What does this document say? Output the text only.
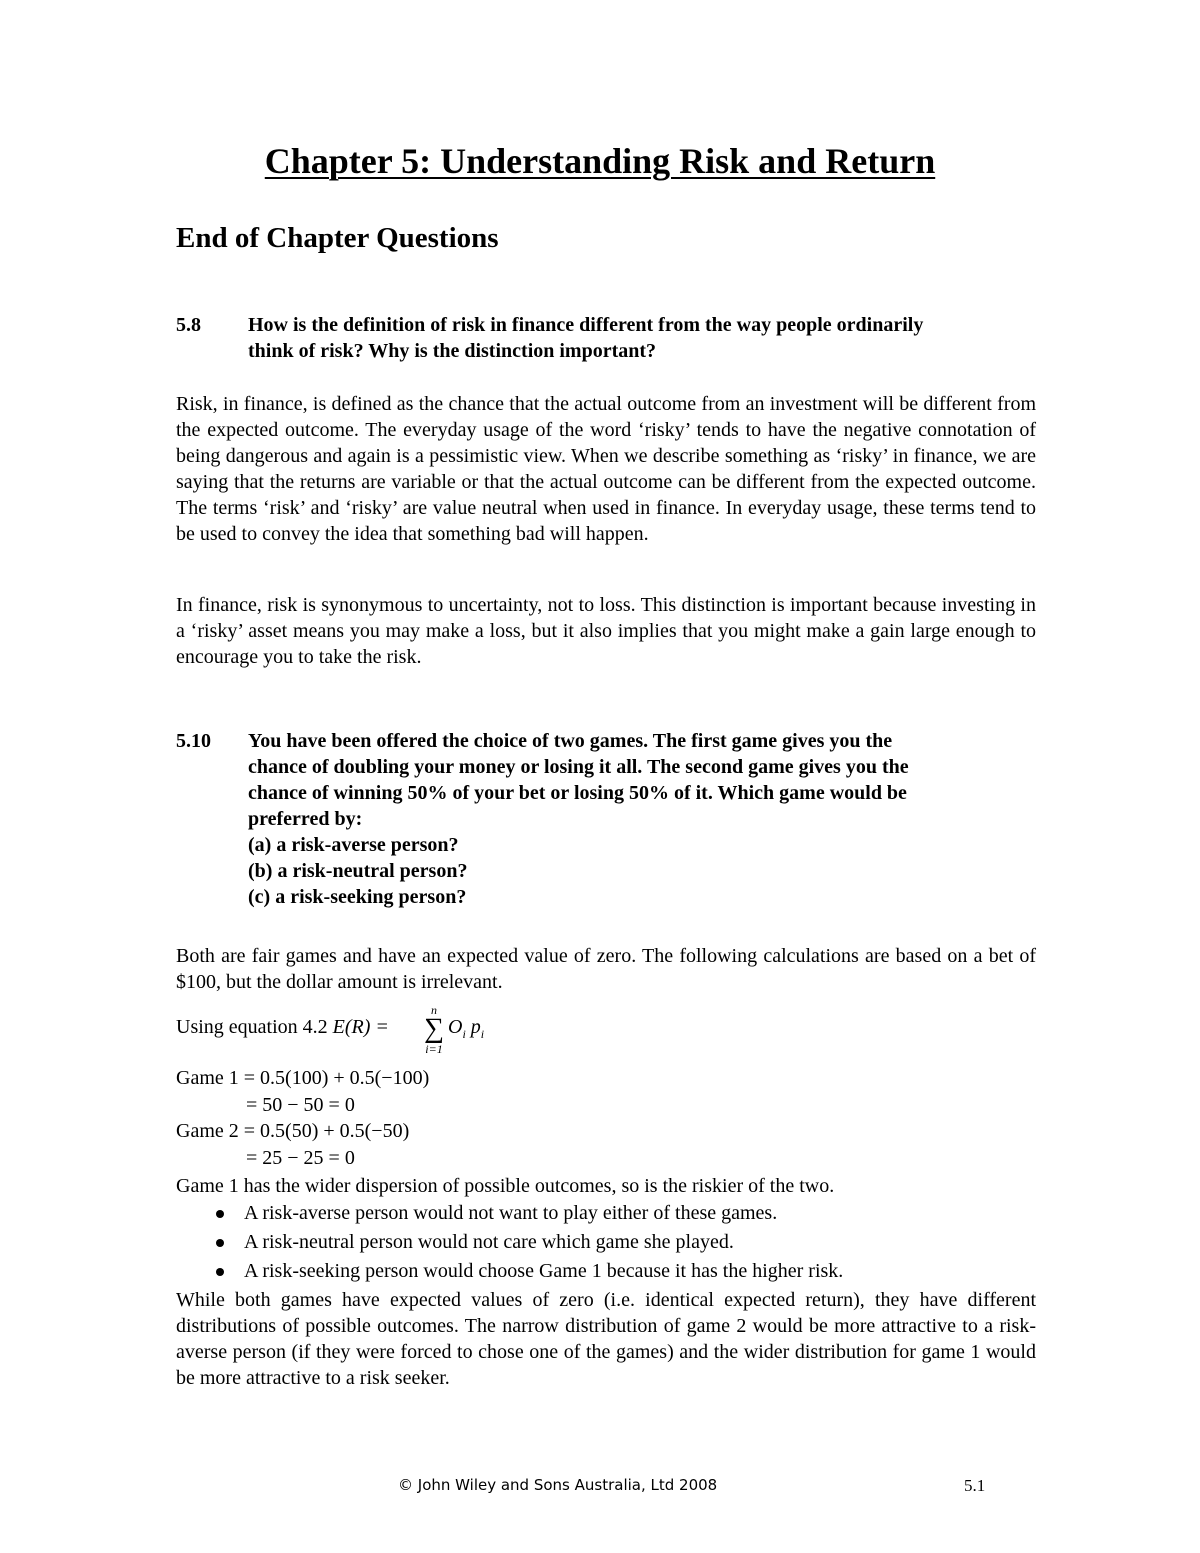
Chapter 5: Understanding Risk and Return
End of Chapter Questions
5.8 How is the definition of risk in finance different from the way people ordinarily
think of risk? Why is the distinction important?

Risk, in finance, is defined as the chance that the actual outcome from an investment will be different from the expected outcome. The everyday usage of the word ‘risky’ tends to have the negative connotation of being dangerous and again is a pessimistic view. When we describe something as ‘risky’ in finance, we are saying that the returns are variable or that the actual outcome can be different from the expected outcome. The terms ‘risk’ and ‘risky’ are value neutral when used in finance. In everyday usage, these terms tend to be used to convey the idea that something bad will happen.

In finance, risk is synonymous to uncertainty, not to loss. This distinction is important because investing in a ‘risky’ asset means you may make a loss, but it also implies that you might make a gain large enough to encourage you to take the risk.

5.10 You have been offered the choice of two games. The first game gives you the
chance of doubling your money or losing it all. The second game gives you the
chance of winning 50% of your bet or losing 50% of it. Which game would be
preferred by:
(a) a risk-averse person?
(b) a risk-neutral person?
(c) a risk-seeking person?

Both are fair games and have an expected value of zero. The following calculations are based on a bet of $100, but the dollar amount is irrelevant.

Using equation 4.2 E(R) =
n
∑
i=1
$O_i$ $p_i$
Game 1 = 0.5(100) + 0.5(−100)
= 50 − 50 = 0
Game 2 = 0.5(50) + 0.5(−50)
= 25 − 25 = 0
Game 1 has the wider dispersion of possible outcomes, so is the riskier of the two.
A risk-averse person would not want to play either of these games.
A risk-neutral person would not care which game she played.
A risk-seeking person would choose Game 1 because it has the higher risk.

While both games have expected values of zero (i.e. identical expected return), they have different distributions of possible outcomes. The narrow distribution of game 2 would be more attractive to a risk-averse person (if they were forced to chose one of the games) and the wider distribution for game 1 would be more attractive to a risk seeker.

© John Wiley and Sons Australia, Ltd 2008	5.1
